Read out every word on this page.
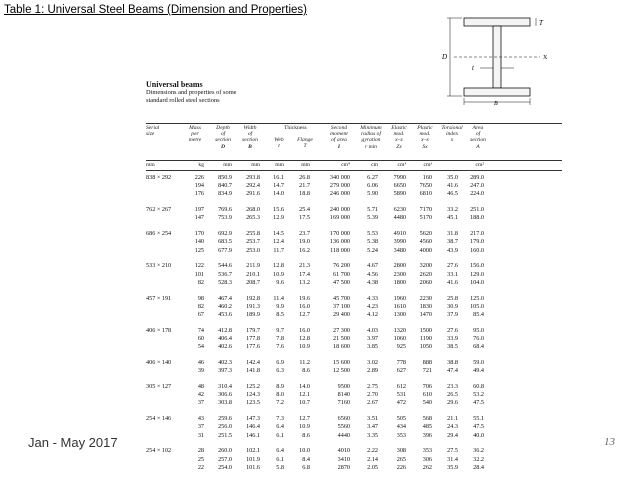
Table 1: Universal Steel Beams (Dimension and Properties)
Universal beams
Dimensions and properties of some
standard rolled steel sections
D
T
t
X
B
Serial
size
Mass
per
metre
Depth
of
section
D
Width
of
section
B
Thickness
Web
t
Flange
T
Second
moment
of area
I
Minimum
radius of
gyration
r min
Elastic
mod.
x–x
Zx
Plastic
mod.
x–x
Sx
Torsional
index
x
Area
of
section
A
mm	kg	mm	mm	mm	mm	cm⁴	cm	cm³	cm³	cm²
838 × 292	226	850.9	293.8	16.1	26.8	340 000	6.27	7990	160	35.0	289.0
194	840.7	292.4	14.7	21.7	279 000	6.06	6650	7650	41.6	247.0
176	834.9	291.6	14.0	18.8	246 000	5.90	5890	6810	46.5	224.0
762 × 267	197	769.6	268.0	15.6	25.4	240 000	5.71	6230	7170	33.2	251.0
147	753.9	265.3	12.9	17.5	169 000	5.39	4480	5170	45.1	188.0
686 × 254	170	692.9	255.8	14.5	23.7	170 000	5.53	4910	5620	31.8	217.0
140	683.5	253.7	12.4	19.0	136 000	5.38	3990	4560	38.7	179.0
125	677.9	253.0	11.7	16.2	118 000	5.24	3480	4000	43.9	160.0
533 × 210	122	544.6	211.9	12.8	21.3	76 200	4.67	2800	3200	27.6	156.0
101	536.7	210.1	10.9	17.4	61 700	4.56	2300	2620	33.1	129.0
82	528.3	208.7	9.6	13.2	47 500	4.38	1800	2060	41.6	104.0
457 × 191	98	467.4	192.8	11.4	19.6	45 700	4.33	1960	2230	25.8	125.0
82	460.2	191.3	9.9	16.0	37 100	4.23	1610	1830	30.9	105.0
67	453.6	189.9	8.5	12.7	29 400	4.12	1300	1470	37.9	85.4
406 × 178	74	412.8	179.7	9.7	16.0	27 300	4.03	1320	1500	27.6	95.0
60	406.4	177.8	7.8	12.8	21 500	3.97	1060	1190	33.9	76.0
54	402.6	177.6	7.6	10.9	18 600	3.85	925	1050	38.5	68.4
406 × 140	46	402.3	142.4	6.9	11.2	15 600	3.02	778	888	38.8	59.0
39	397.3	141.8	6.3	8.6	12 500	2.89	627	721	47.4	49.4
305 × 127	48	310.4	125.2	8.9	14.0	9500	2.75	612	706	23.3	60.8
42	306.6	124.3	8.0	12.1	8140	2.70	531	610	26.5	53.2
37	303.8	123.5	7.2	10.7	7160	2.67	472	540	29.6	47.5
254 × 146	43	259.6	147.3	7.3	12.7	6560	3.51	505	568	21.1	55.1
37	256.0	146.4	6.4	10.9	5560	3.47	434	485	24.3	47.5
31	251.5	146.1	6.1	8.6	4440	3.35	353	396	29.4	40.0
254 × 102	28	260.0	102.1	6.4	10.0	4010	2.22	308	353	27.5	36.2
25	257.0	101.9	6.1	8.4	3410	2.14	265	306	31.4	32.2
22	254.0	101.6	5.8	6.8	2870	2.05	226	262	35.9	28.4
Jan - May 2017	13
